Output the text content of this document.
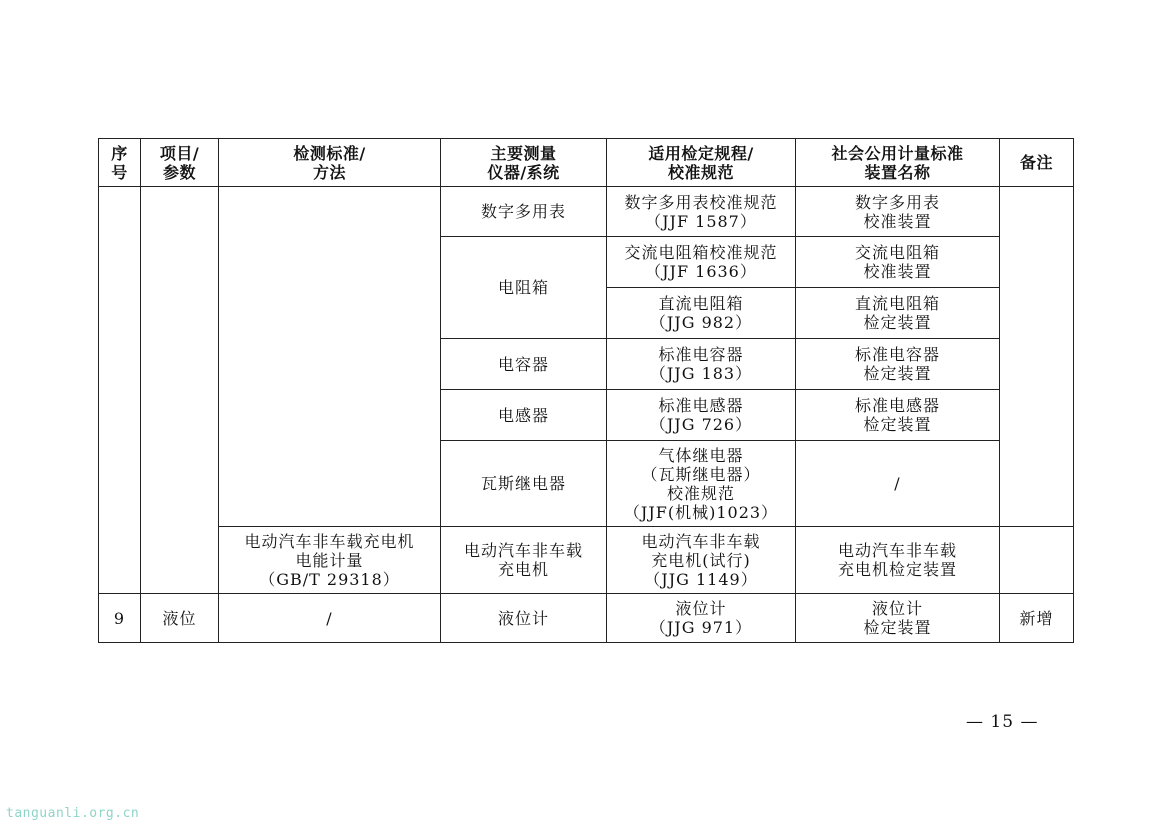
序
号	项目/
参数	检测标准/
方法	主要测量
仪器/系统	适用检定规程/
校准规范	社会公用计量标准
装置名称	备注
			数字多用表	数字多用表校准规范
（JJF 1587）	数字多用表
校准装置	
			电阻箱	交流电阻箱校准规范
（JJF 1636）	交流电阻箱
校准装置	
				直流电阻箱
（JJG 982）	直流电阻箱
检定装置	
			电容器	标准电容器
（JJG 183）	标准电容器
检定装置	
			电感器	标准电感器
（JJG 726）	标准电感器
检定装置	
			瓦斯继电器	气体继电器
（瓦斯继电器）
校准规范
（JJF(机械)1023）	/	
		电动汽车非车载充电机
电能计量
（GB/T 29318）	电动汽车非车载
充电机	电动汽车非车载
充电机(试行)
（JJG 1149）	电动汽车非车载
充电机检定装置	
9	液位	/	液位计	液位计
（JJG 971）	液位计
检定装置	新增
— 15 —
tanguanli.org.cn
